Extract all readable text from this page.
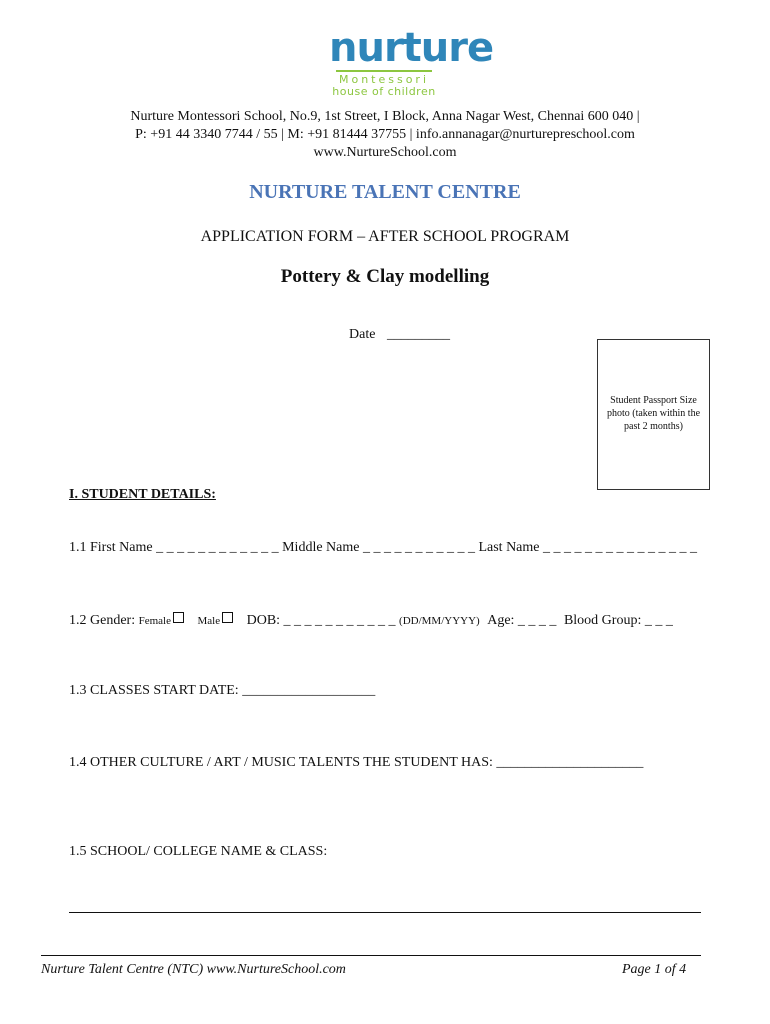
nurture
Montessori
house of children
Nurture Montessori School, No.9, 1st Street, I Block, Anna Nagar West, Chennai 600 040 |
P: +91 44 3340 7744 / 55 | M: +91 81444 37755 | info.annanagar@nurturepreschool.com
www.NurtureSchool.com
NURTURE TALENT CENTRE
APPLICATION FORM – AFTER SCHOOL PROGRAM
Pottery & Clay modelling
Date _________
Student Passport Size photo (taken within the past 2 months)
I. STUDENT DETAILS:
1.1 First Name _ _ _ _ _ _ _ _ _ _ _ _ Middle Name _ _ _ _ _ _ _ _ _ _ _ Last Name _ _ _ _ _ _ _ _ _ _ _ _ _ _ _
1.2 Gender: Female Male DOB: _ _ _ _ _ _ _ _ _ _ _ (DD/MM/YYYY) Age: _ _ _ _ Blood Group: _ _ _
1.3 CLASSES START DATE: ___________________
1.4 OTHER CULTURE / ART / MUSIC TALENTS THE STUDENT HAS: _____________________
1.5 SCHOOL/ COLLEGE NAME & CLASS:
Nurture Talent Centre (NTC) www.NurtureSchool.com	Page 1 of 4
